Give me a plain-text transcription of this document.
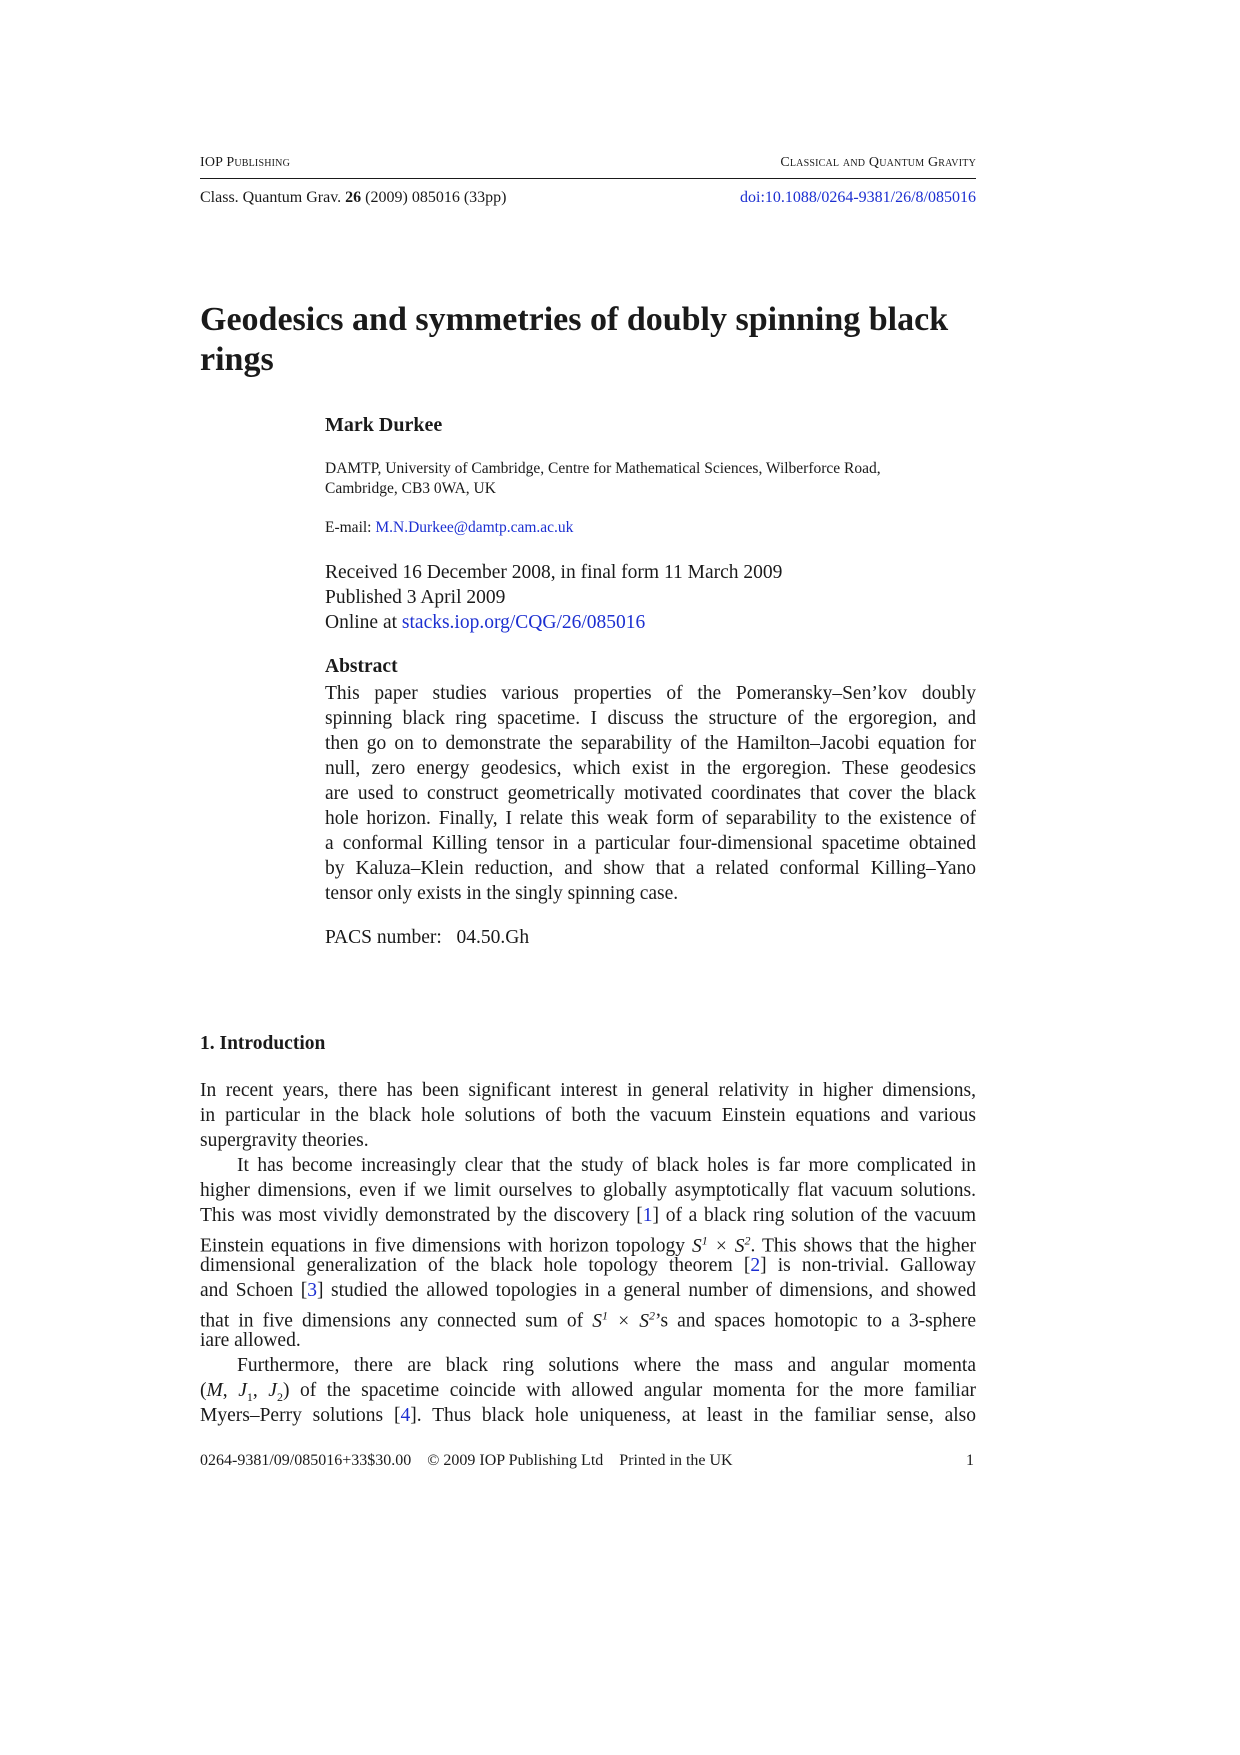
IOP Publishing	Classical and Quantum Gravity
Class. Quantum Grav. 26 (2009) 085016 (33pp)	doi:10.1088/0264-9381/26/8/085016
Geodesics and symmetries of doubly spinning black rings
Mark Durkee
DAMTP, University of Cambridge, Centre for Mathematical Sciences, Wilberforce Road, Cambridge, CB3 0WA, UK
E-mail: M.N.Durkee@damtp.cam.ac.uk
Received 16 December 2008, in final form 11 March 2009
Published 3 April 2009
Online at stacks.iop.org/CQG/26/085016
Abstract
This paper studies various properties of the Pomeransky–Sen’kov doubly
spinning black ring spacetime. I discuss the structure of the ergoregion, and
then go on to demonstrate the separability of the Hamilton–Jacobi equation for
null, zero energy geodesics, which exist in the ergoregion. These geodesics
are used to construct geometrically motivated coordinates that cover the black
hole horizon. Finally, I relate this weak form of separability to the existence of
a conformal Killing tensor in a particular four-dimensional spacetime obtained
by Kaluza–Klein reduction, and show that a related conformal Killing–Yano
tensor only exists in the singly spinning case.
PACS number: 04.50.Gh
1. Introduction
In recent years, there has been significant interest in general relativity in higher dimensions,
in particular in the black hole solutions of both the vacuum Einstein equations and various
supergravity theories.
It has become increasingly clear that the study of black holes is far more complicated in
higher dimensions, even if we limit ourselves to globally asymptotically flat vacuum solutions.
This was most vividly demonstrated by the discovery [1] of a black ring solution of the vacuum
Einstein equations in five dimensions with horizon topology $S^1 \times S^2$. This shows that the higher
dimensional generalization of the black hole topology theorem [2] is non-trivial. Galloway
and Schoen [3] studied the allowed topologies in a general number of dimensions, and showed
that in five dimensions any connected sum of $S^1$ × $S^2’s$ and spaces homotopic to a 3-sphere
iare allowed.
Furthermore, there are black ring solutions where the mass and angular momenta
(M, $J_1$, $J_2$) of the spacetime coincide with allowed angular momenta for the more familiar
Myers–Perry solutions [4]. Thus black hole uniqueness, at least in the familiar sense, also
0264-9381/09/085016+33$30.00 © 2009 IOP Publishing Ltd Printed in the UK	1
